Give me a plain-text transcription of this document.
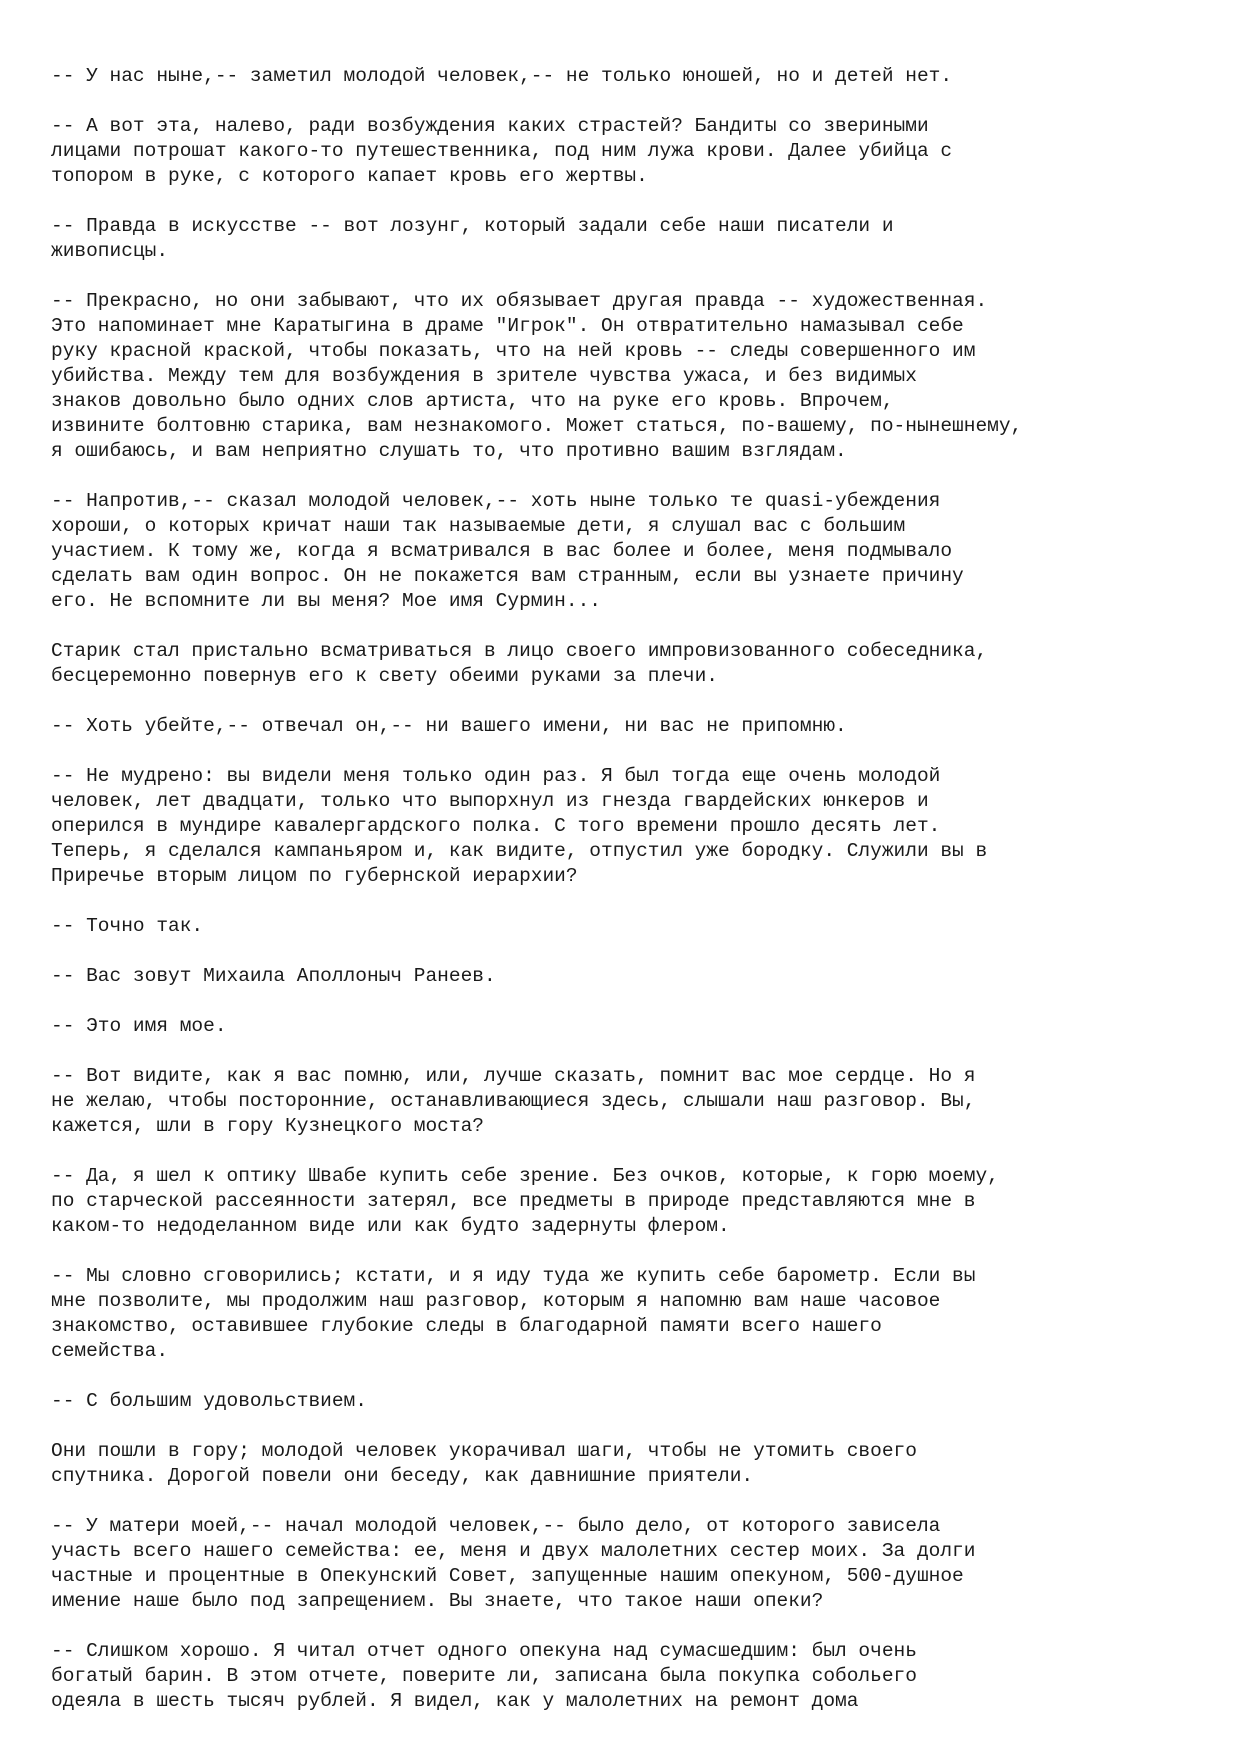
-- У нас ныне,-- заметил молодой человек,-- не только юношей, но и детей нет.
-- А вот эта, налево, ради возбуждения каких страстей? Бандиты со звериными
лицами потрошат какого-то путешественника, под ним лужа крови. Далее убийца с
топором в руке, с которого капает кровь его жертвы.
-- Правда в искусстве -- вот лозунг, который задали себе наши писатели и
живописцы.
-- Прекрасно, но они забывают, что их обязывает другая правда -- художественная.
Это напоминает мне Каратыгина в драме "Игрок". Он отвратительно намазывал себе
руку красной краской, чтобы показать, что на ней кровь -- следы совершенного им
убийства. Между тем для возбуждения в зрителе чувства ужаса, и без видимых
знаков довольно было одних слов артиста, что на руке его кровь. Впрочем,
извините болтовню старика, вам незнакомого. Может статься, по-вашему, по-нынешнему,
я ошибаюсь, и вам неприятно слушать то, что противно вашим взглядам.
-- Напротив,-- сказал молодой человек,-- хоть ныне только те quasi-убеждения
хороши, о которых кричат наши так называемые дети, я слушал вас с большим
участием. К тому же, когда я всматривался в вас более и более, меня подмывало
сделать вам один вопрос. Он не покажется вам странным, если вы узнаете причину
его. Не вспомните ли вы меня? Мое имя Сурмин...
Старик стал пристально всматриваться в лицо своего импровизованного собеседника,
бесцеремонно повернув его к свету обеими руками за плечи.
-- Хоть убейте,-- отвечал он,-- ни вашего имени, ни вас не припомню.
-- Не мудрено: вы видели меня только один раз. Я был тогда еще очень молодой
человек, лет двадцати, только что выпорхнул из гнезда гвардейских юнкеров и
оперился в мундире кавалергардского полка. С того времени прошло десять лет.
Теперь, я сделался кампаньяром и, как видите, отпустил уже бородку. Служили вы в
Приречье вторым лицом по губернской иерархии?
-- Точно так.
-- Вас зовут Михаила Аполлоныч Ранеев.
-- Это имя мое.
-- Вот видите, как я вас помню, или, лучше сказать, помнит вас мое сердце. Но я
не желаю, чтобы посторонние, останавливающиеся здесь, слышали наш разговор. Вы,
кажется, шли в гору Кузнецкого моста?
-- Да, я шел к оптику Швабе купить себе зрение. Без очков, которые, к горю моему,
по старческой рассеянности затерял, все предметы в природе представляются мне в
каком-то недоделанном виде или как будто задернуты флером.
-- Мы словно сговорились; кстати, и я иду туда же купить себе барометр. Если вы
мне позволите, мы продолжим наш разговор, которым я напомню вам наше часовое
знакомство, оставившее глубокие следы в благодарной памяти всего нашего
семейства.
-- С большим удовольствием.
Они пошли в гору; молодой человек укорачивал шаги, чтобы не утомить своего
спутника. Дорогой повели они беседу, как давнишние приятели.
-- У матери моей,-- начал молодой человек,-- было дело, от которого зависела
участь всего нашего семейства: ее, меня и двух малолетних сестер моих. За долги
частные и процентные в Опекунский Совет, запущенные нашим опекуном, 500-душное
имение наше было под запрещением. Вы знаете, что такое наши опеки?
-- Слишком хорошо. Я читал отчет одного опекуна над сумасшедшим: был очень
богатый барин. В этом отчете, поверите ли, записана была покупка собольего
одеяла в шесть тысяч рублей. Я видел, как у малолетних на ремонт дома
